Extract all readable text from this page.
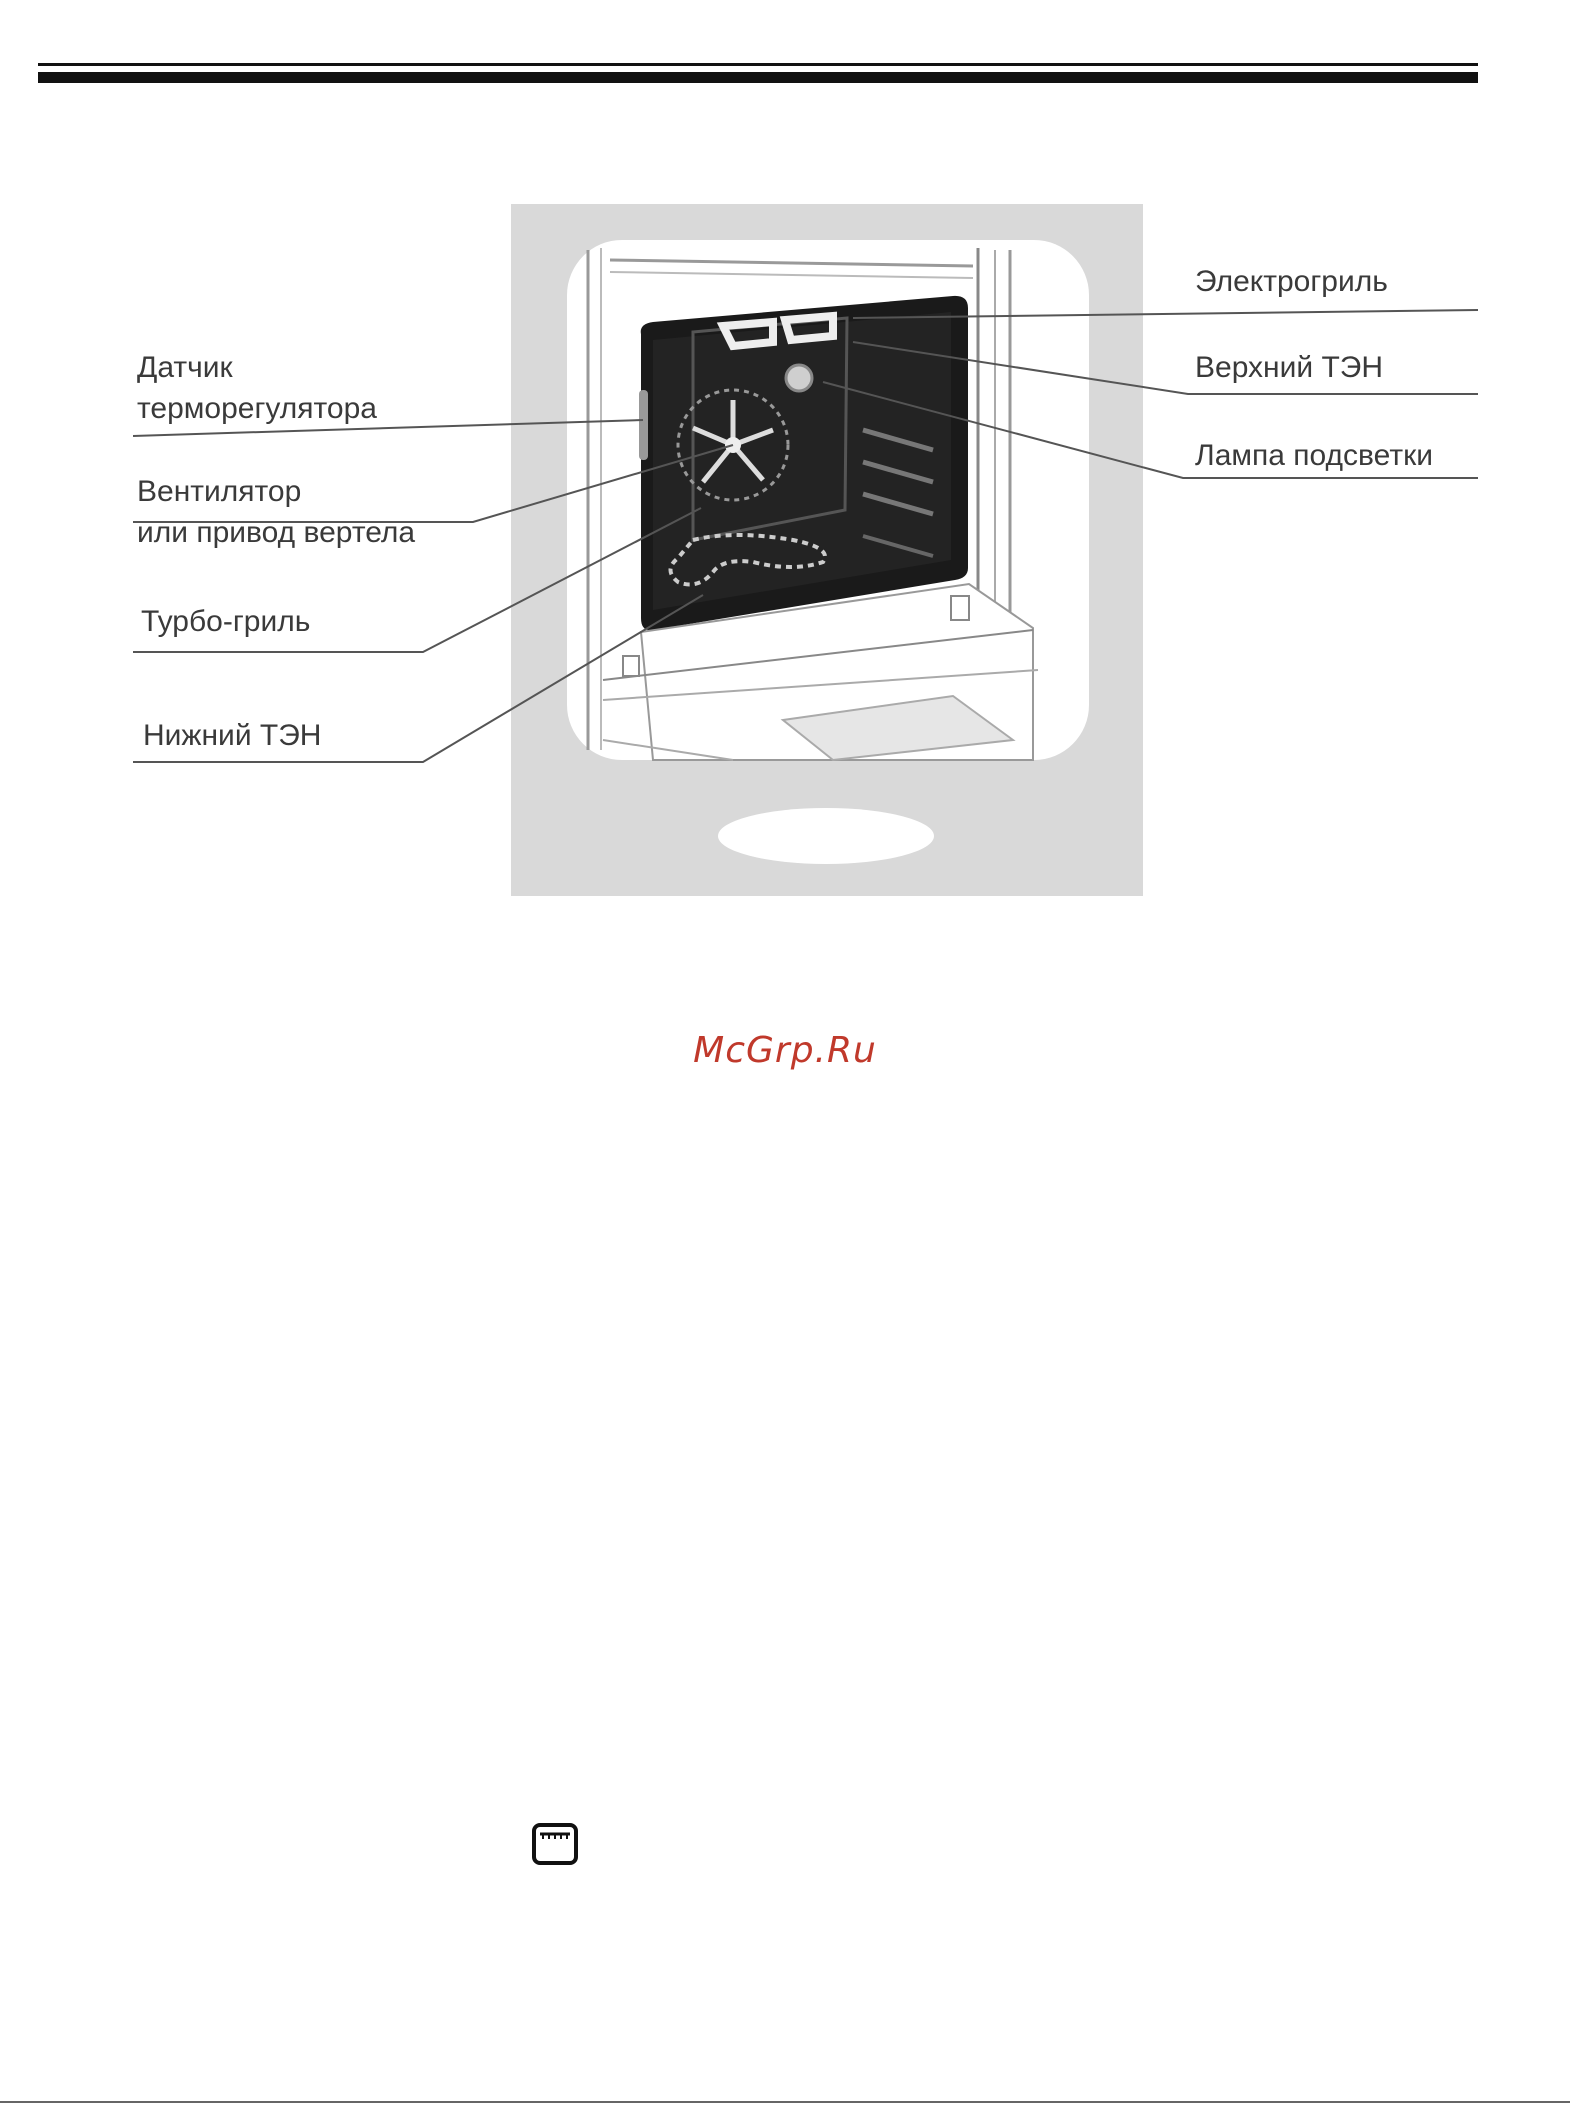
Датчик
терморегулятора
Вентилятор
или привод вертела
Турбо-гриль
Нижний ТЭН
Электрогриль
Верхний ТЭН
Лампа подсветки
McGrp.Ru
